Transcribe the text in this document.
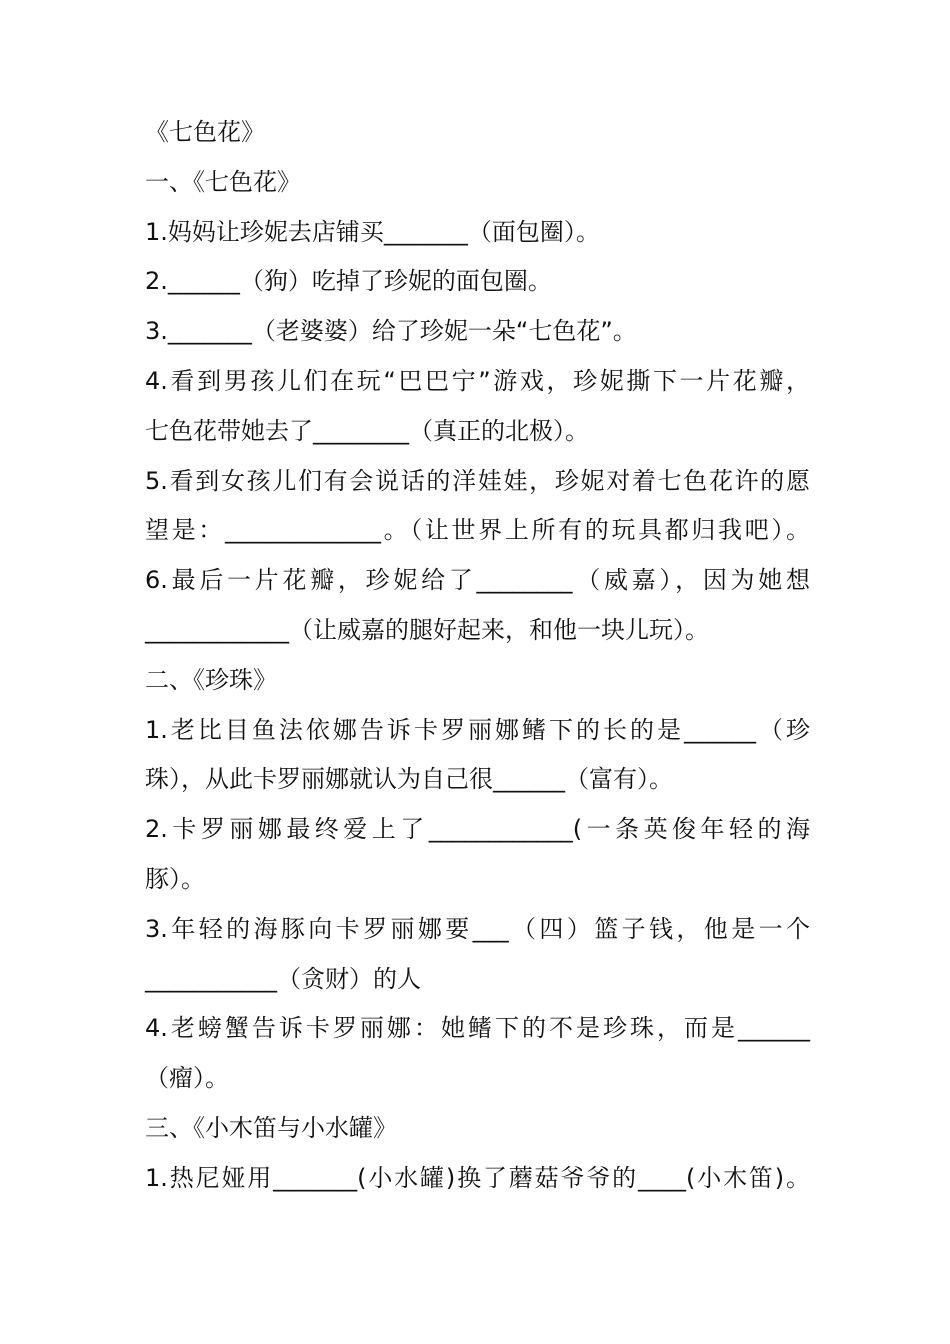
《七色花》

一、《七色花》

1.妈妈让珍妮去店铺买_______（面包圈）。

2.______（狗）吃掉了珍妮的面包圈。

3._______（老婆婆）给了珍妮一朵“七色花”。

4.看到男孩儿们在玩“巴巴宁”游戏，珍妮撕下一片花瓣，

七色花带她去了________（真正的北极）。

5.看到女孩儿们有会说话的洋娃娃，珍妮对着七色花许的愿

望是：_____________。（让世界上所有的玩具都归我吧）。

6.最后一片花瓣，珍妮给了________（威嘉），因为她想

____________（让威嘉的腿好起来，和他一块儿玩）。

二、《珍珠》

1.老比目鱼法依娜告诉卡罗丽娜鳍下的长的是______（珍

珠），从此卡罗丽娜就认为自己很______（富有）。

2.卡罗丽娜最终爱上了____________(一条英俊年轻的海

豚）。

3.年轻的海豚向卡罗丽娜要___（四）篮子钱，他是一个

___________（贪财）的人

4.老螃蟹告诉卡罗丽娜：她鳍下的不是珍珠，而是______

（瘤）。

三、《小木笛与小水罐》

1.热尼娅用_______(小水罐)换了蘑菇爷爷的____(小木笛)。
